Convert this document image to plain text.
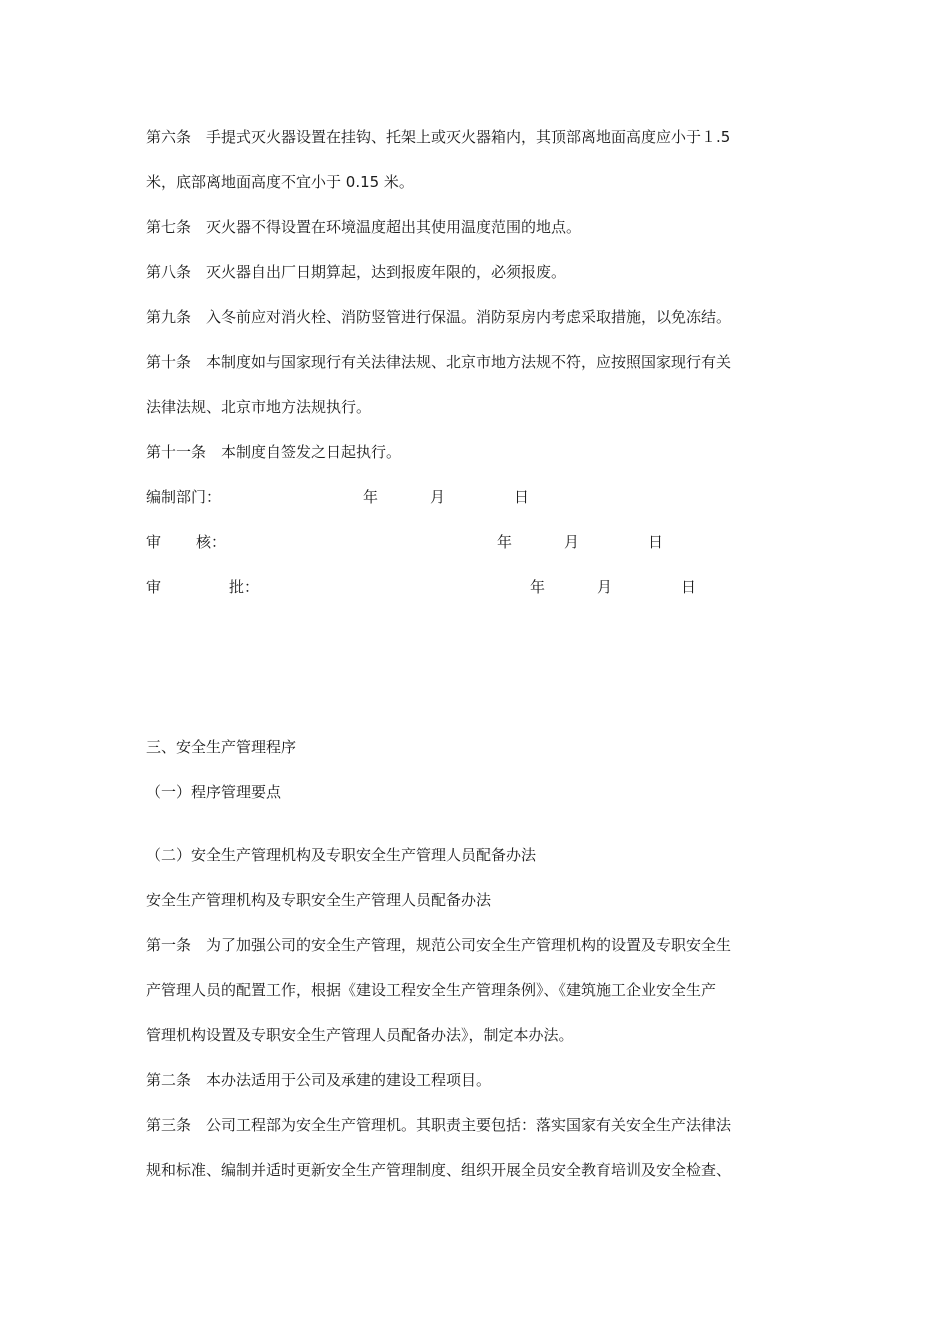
第六条　手提式灭火器设置在挂钩、托架上或灭火器箱内，其顶部离地面高度应小于１.5
米，底部离地面高度不宜小于 0.15 米。
第七条　灭火器不得设置在环境温度超出其使用温度范围的地点。
第八条　灭火器自出厂日期算起，达到报废年限的，必须报废。
第九条　入冬前应对消火栓、消防竖管进行保温。消防泵房内考虑采取措施，以免冻结。
第十条　本制度如与国家现行有关法律法规、北京市地方法规不符，应按照国家现行有关
法律法规、北京市地方法规执行。
第十一条　本制度自签发之日起执行。
编制部门：	年	月	日
审 核：	年	月	日
审	批：	年	月	日
三、安全生产管理程序
（一）程序管理要点
（二）安全生产管理机构及专职安全生产管理人员配备办法
安全生产管理机构及专职安全生产管理人员配备办法
第一条　为了加强公司的安全生产管理，规范公司安全生产管理机构的设置及专职安全生
产管理人员的配置工作，根据《建设工程安全生产管理条例》、《建筑施工企业安全生产
管理机构设置及专职安全生产管理人员配备办法》，制定本办法。
第二条　本办法适用于公司及承建的建设工程项目。
第三条　公司工程部为安全生产管理机。其职责主要包括：落实国家有关安全生产法律法
规和标准、编制并适时更新安全生产管理制度、组织开展全员安全教育培训及安全检查、
